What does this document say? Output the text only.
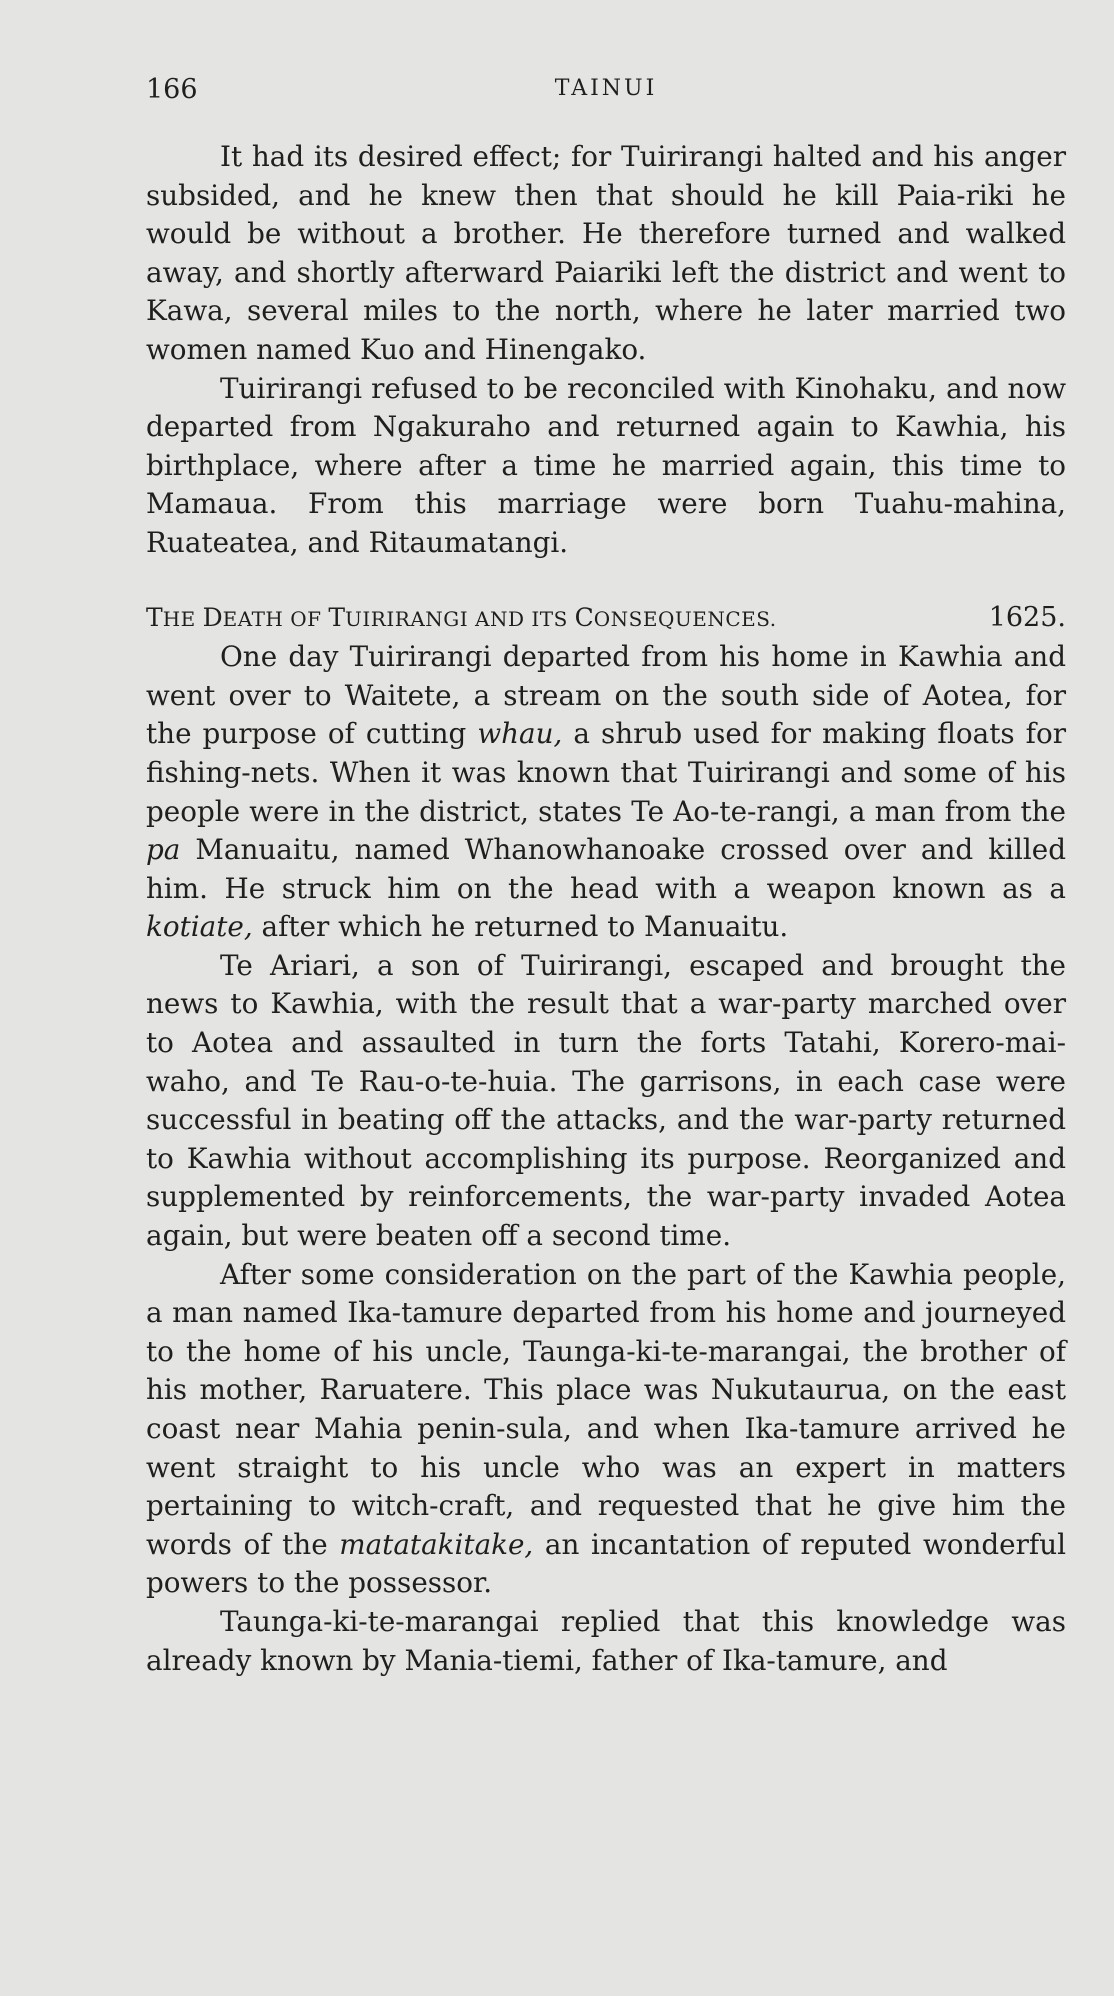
166	TAINUI

It had its desired effect; for Tuirirangi halted and his anger subsided, and he knew then that should he kill Paia-riki he would be without a brother. He therefore turned and walked away, and shortly afterward Paiariki left the district and went to Kawa, several miles to the north, where he later married two women named Kuo and Hinengako.

Tuirirangi refused to be reconciled with Kinohaku, and now departed from Ngakuraho and returned again to Kawhia, his birthplace, where after a time he married again, this time to Mamaua. From this marriage were born Tuahu-mahina, Ruateatea, and Ritaumatangi.

THE DEATH OF TUIRIRANGI AND ITS CONSEQUENCES.	1625.

One day Tuirirangi departed from his home in Kawhia and went over to Waitete, a stream on the south side of Aotea, for the purpose of cutting whau, a shrub used for making floats for fishing-nets. When it was known that Tuirirangi and some of his people were in the district, states Te Ao-te-rangi, a man from the pa Manuaitu, named Whanowhanoake crossed over and killed him. He struck him on the head with a weapon known as a kotiate, after which he returned to Manuaitu.

Te Ariari, a son of Tuirirangi, escaped and brought the news to Kawhia, with the result that a war-party marched over to Aotea and assaulted in turn the forts Tatahi, Korero-mai-waho, and Te Rau-o-te-huia. The garrisons, in each case were successful in beating off the attacks, and the war-party returned to Kawhia without accomplishing its purpose. Reorganized and supplemented by reinforcements, the war-party invaded Aotea again, but were beaten off a second time.

After some consideration on the part of the Kawhia people, a man named Ika-tamure departed from his home and journeyed to the home of his uncle, Taunga-ki-te-marangai, the brother of his mother, Raruatere. This place was Nukutaurua, on the east coast near Mahia penin-sula, and when Ika-tamure arrived he went straight to his uncle who was an expert in matters pertaining to witch-craft, and requested that he give him the words of the matatakitake, an incantation of reputed wonderful powers to the possessor.

Taunga-ki-te-marangai replied that this knowledge was already known by Mania-tiemi, father of Ika-tamure, and
